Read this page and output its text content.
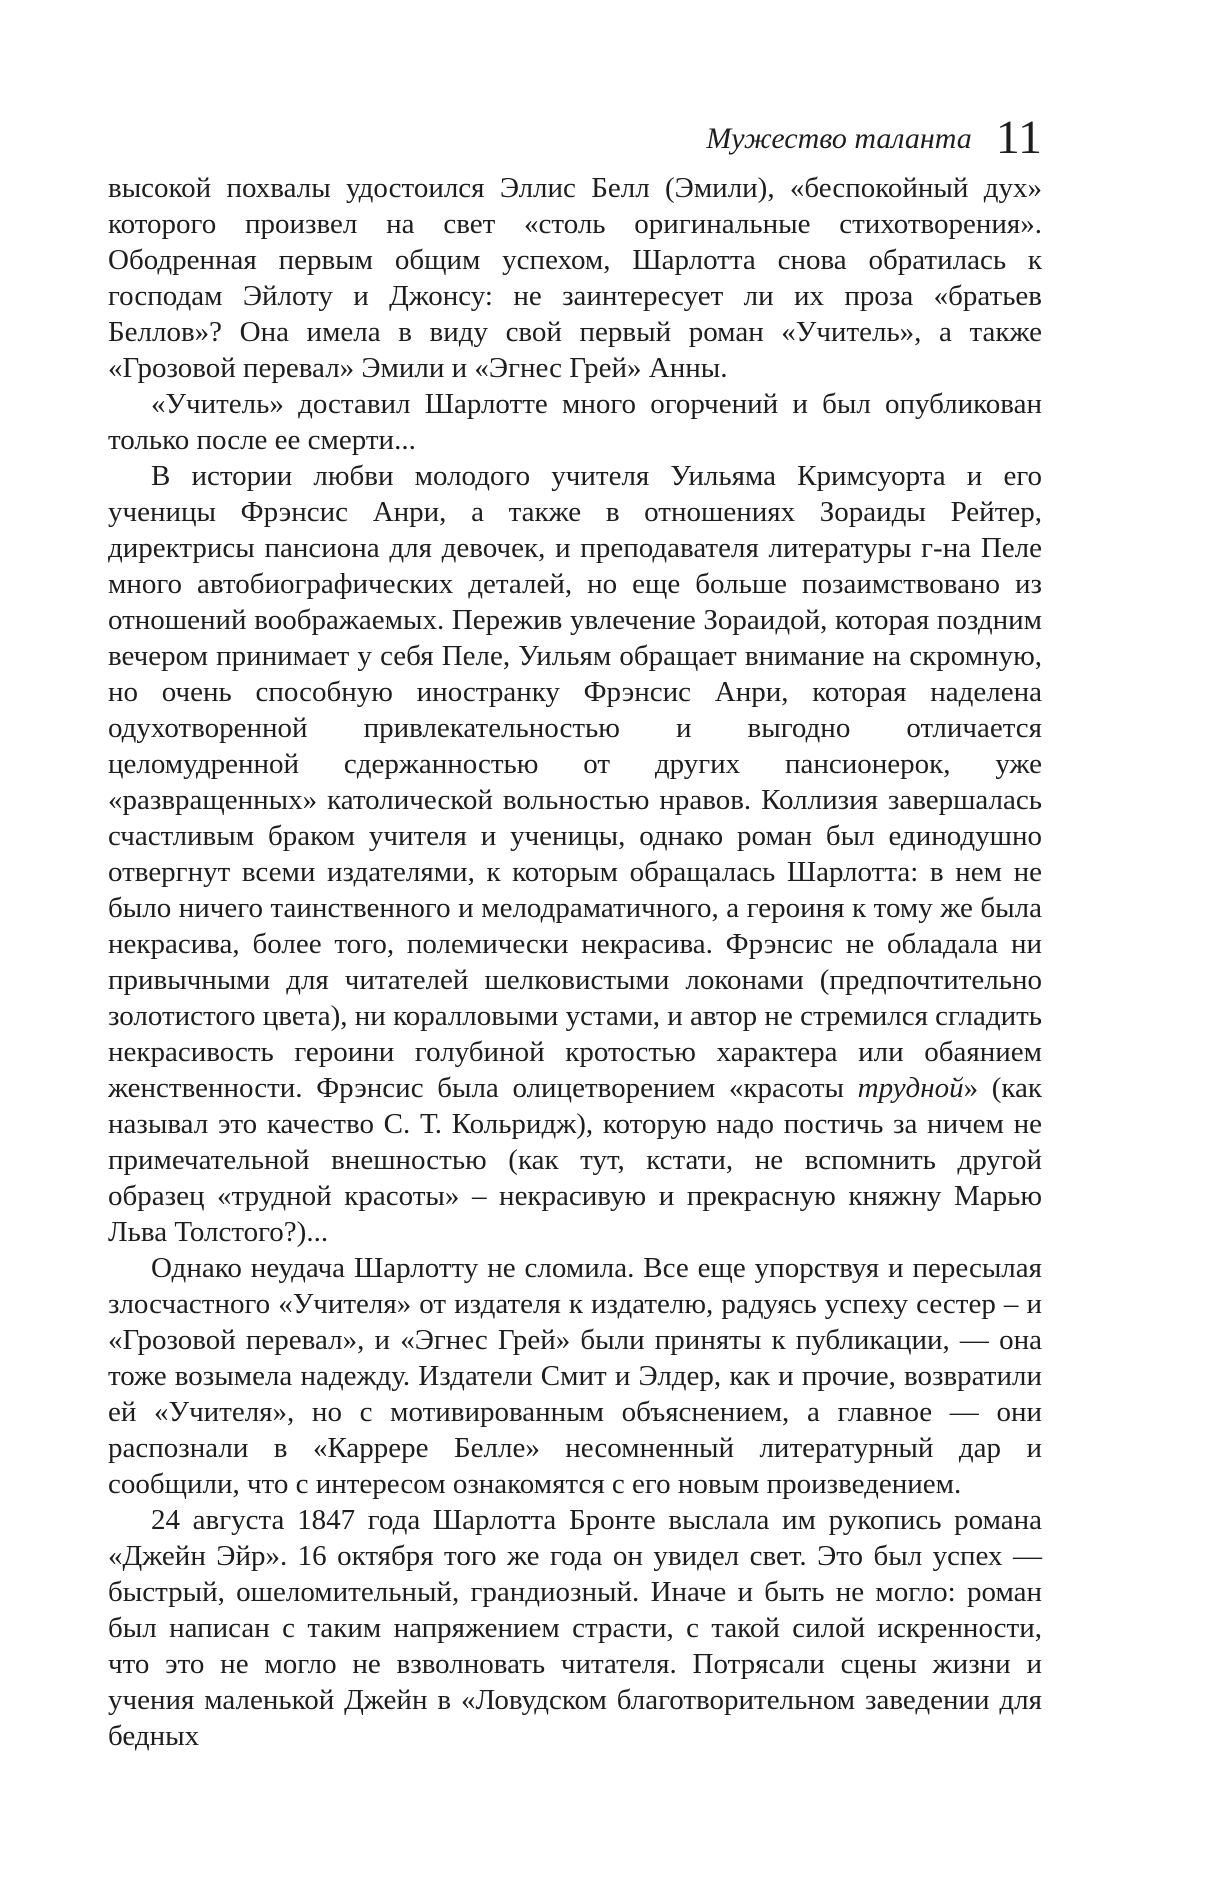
Мужество таланта 11

высокой похвалы удостоился Эллис Белл (Эмили), «беспокойный дух» которого произвел на свет «столь оригинальные стихотворения». Ободренная первым общим успехом, Шарлотта снова обратилась к господам Эйлоту и Джонсу: не заинтересует ли их проза «братьев Беллов»? Она имела в виду свой первый роман «Учитель», а также «Грозовой перевал» Эмили и «Эгнес Грей» Анны.

«Учитель» доставил Шарлотте много огорчений и был опубликован только после ее смерти...

В истории любви молодого учителя Уильяма Кримсуорта и его ученицы Фрэнсис Анри, а также в отношениях Зораиды Рейтер, директрисы пансиона для девочек, и преподавателя литературы г-на Пеле много автобиографических деталей, но еще больше позаимствовано из отношений воображаемых. Пережив увлечение Зораидой, которая поздним вечером принимает у себя Пеле, Уильям обращает внимание на скромную, но очень способную иностранку Фрэнсис Анри, которая наделена одухотворенной привлекательностью и выгодно отличается целомудренной сдержанностью от других пансионерок, уже «развращенных» католической вольностью нравов. Коллизия завершалась счастливым браком учителя и ученицы, однако роман был единодушно отвергнут всеми издателями, к которым обращалась Шарлотта: в нем не было ничего таинственного и мелодраматичного, а героиня к тому же была некрасива, более того, полемически некрасива. Фрэнсис не обладала ни привычными для читателей шелковистыми локонами (предпочтительно золотистого цвета), ни коралловыми устами, и автор не стремился сгладить некрасивость героини голубиной кротостью характера или обаянием женственности. Фрэнсис была олицетворением «красоты трудной» (как называл это качество С. Т. Кольридж), которую надо постичь за ничем не примечательной внешностью (как тут, кстати, не вспомнить другой образец «трудной красоты» – некрасивую и прекрасную княжну Марью Льва Толстого?)...

Однако неудача Шарлотту не сломила. Все еще упорствуя и пересылая злосчастного «Учителя» от издателя к издателю, радуясь успеху сестер – и «Грозовой перевал», и «Эгнес Грей» были приняты к публикации, — она тоже возымела надежду. Издатели Смит и Элдер, как и прочие, возвратили ей «Учителя», но с мотивированным объяснением, а главное — они распознали в «Каррере Белле» несомненный литературный дар и сообщили, что с интересом ознакомятся с его новым произведением.

24 августа 1847 года Шарлотта Бронте выслала им рукопись романа «Джейн Эйр». 16 октября того же года он увидел свет. Это был успех — быстрый, ошеломительный, грандиозный. Иначе и быть не могло: роман был написан с таким напряжением страсти, с такой силой искренности, что это не могло не взволновать читателя. Потрясали сцены жизни и учения маленькой Джейн в «Ловудском благотворительном заведении для бедных
